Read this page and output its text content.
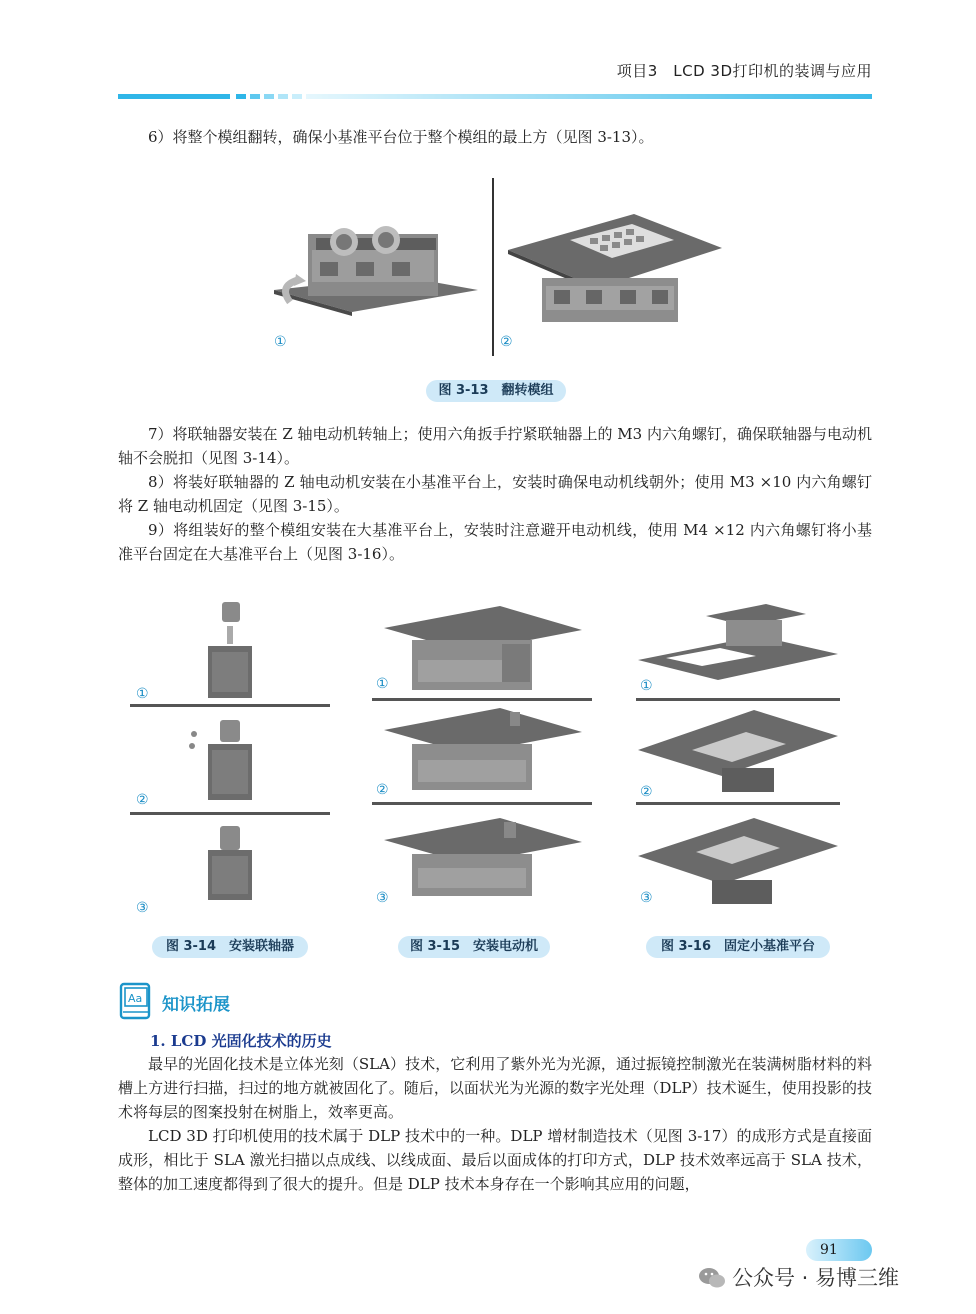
项目3　LCD 3D打印机的装调与应用

6）将整个模组翻转，确保小基准平台位于整个模组的最上方（见图 3-13）。

①	②
图 3-13　翻转模组

7）将联轴器安装在 Z 轴电动机转轴上；使用六角扳手拧紧联轴器上的 M3 内六角螺钉，确保联轴器与电动机轴不会脱扣（见图 3-14）。

8）将装好联轴器的 Z 轴电动机安装在小基准平台上，安装时确保电动机线朝外；使用 M3 ×10 内六角螺钉将 Z 轴电动机固定（见图 3-15）。

9）将组装好的整个模组安装在大基准平台上，安装时注意避开电动机线，使用 M4 ×12 内六角螺钉将小基准平台固定在大基准平台上（见图 3-16）。

①
②
③
图 3-14　安装联轴器
①
②
③
图 3-15　安装电动机
①
②
③
图 3-16　固定小基准平台
Aa 知识拓展
1. LCD 光固化技术的历史

最早的光固化技术是立体光刻（SLA）技术，它利用了紫外光为光源，通过振镜控制激光在装满树脂材料的料槽上方进行扫描，扫过的地方就被固化了。随后，以面状光为光源的数字光处理（DLP）技术诞生，使用投影的技术将每层的图案投射在树脂上，效率更高。

LCD 3D 打印机使用的技术属于 DLP 技术中的一种。DLP 增材制造技术（见图 3-17）的成形方式是直接面成形，相比于 SLA 激光扫描以点成线、以线成面、最后以面成体的打印方式，DLP 技术效率远高于 SLA 技术，整体的加工速度都得到了很大的提升。但是 DLP 技术本身存在一个影响其应用的问题，

91
公众号 · 易博三维
